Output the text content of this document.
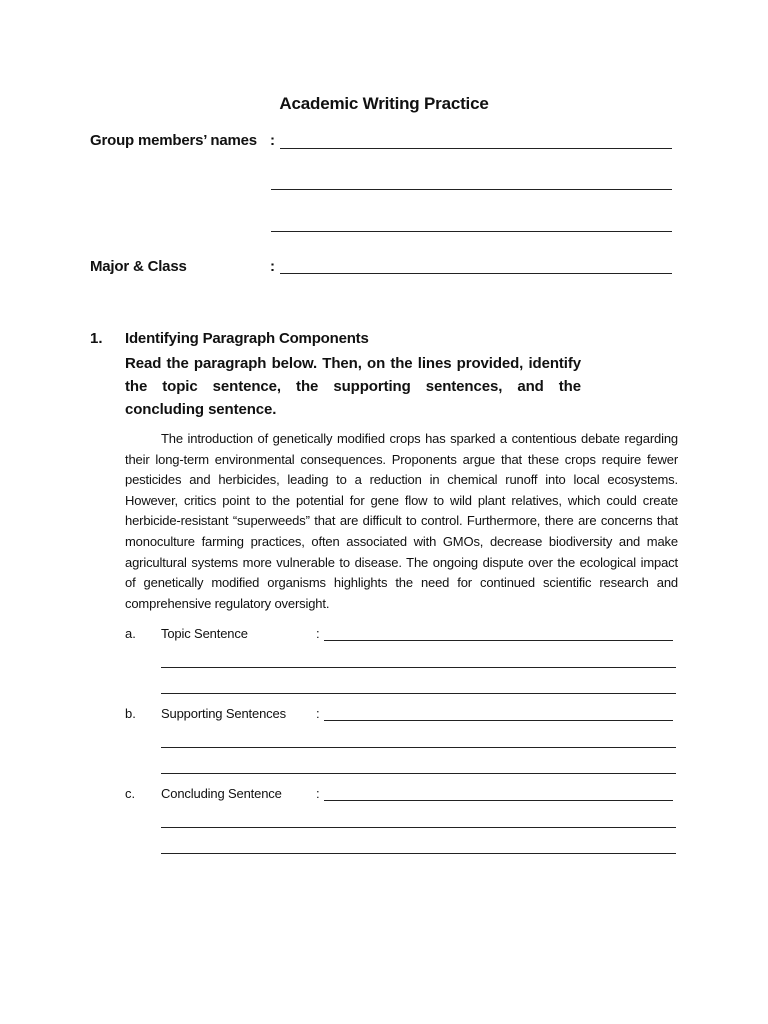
Academic Writing Practice
Group members’ names :
Major & Class	:
1. Identifying Paragraph Components
Read the paragraph below. Then, on the lines provided, identify the topic sentence, the supporting sentences, and the concluding sentence.
The introduction of genetically modified crops has sparked a contentious debate regarding their long-term environmental consequences. Proponents argue that these crops require fewer pesticides and herbicides, leading to a reduction in chemical runoff into local ecosystems. However, critics point to the potential for gene flow to wild plant relatives, which could create herbicide-resistant “superweeds” that are difficult to control. Furthermore, there are concerns that monoculture farming practices, often associated with GMOs, decrease biodiversity and make agricultural systems more vulnerable to disease. The ongoing dispute over the ecological impact of genetically modified organisms highlights the need for continued scientific research and comprehensive regulatory oversight.
a. Topic Sentence	:
b. Supporting Sentences :
c. Concluding Sentence	:
